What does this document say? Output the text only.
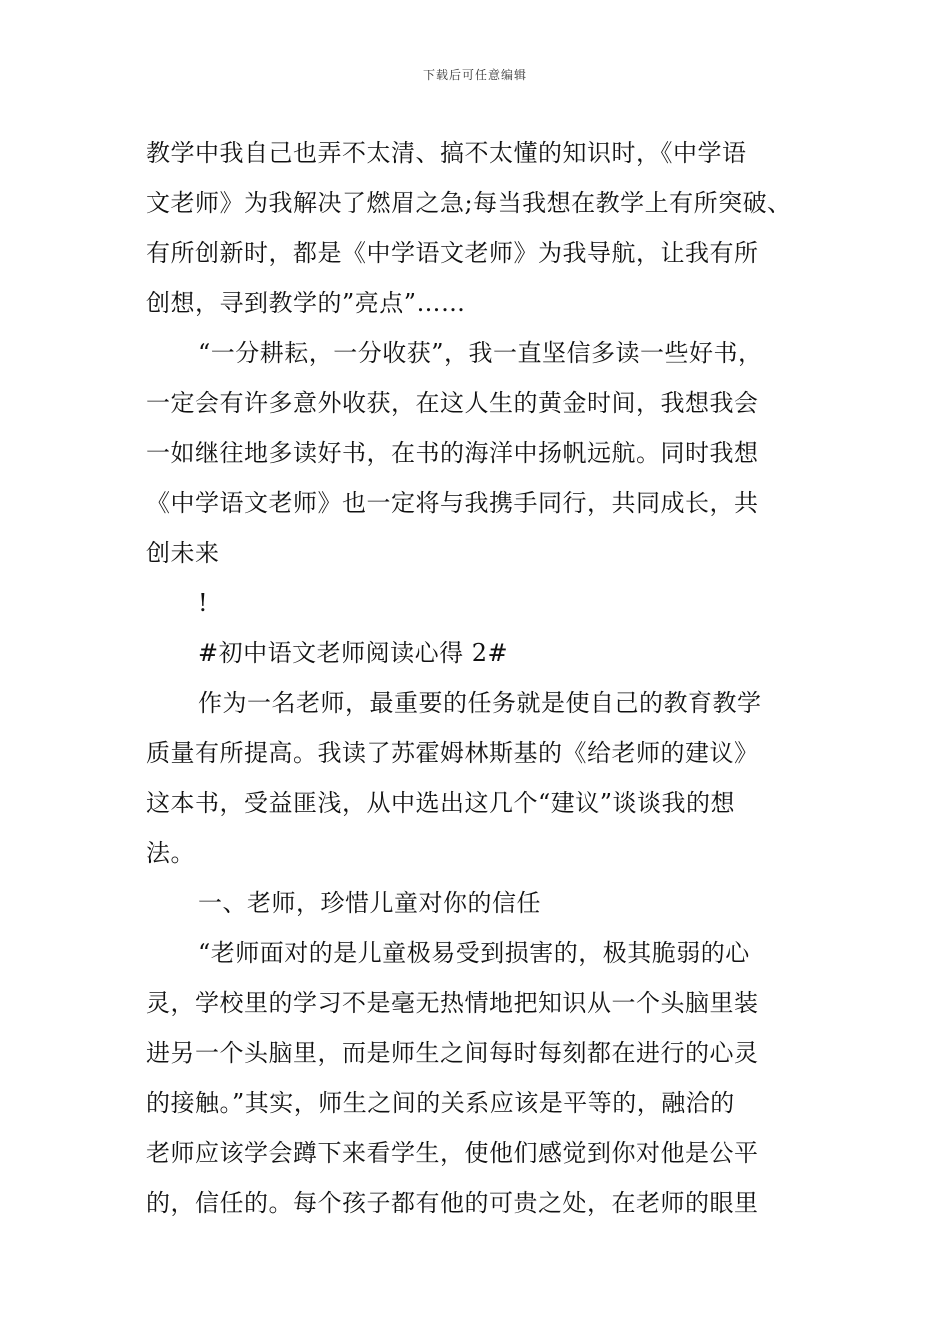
下载后可任意编辑
教学中我自己也弄不太清、搞不太懂的知识时，《中学语
文老师》为我解决了燃眉之急;每当我想在教学上有所突破、
有所创新时，都是《中学语文老师》为我导航，让我有所
创想，寻到教学的”亮点”……
“一分耕耘，一分收获”，我一直坚信多读一些好书，
一定会有许多意外收获，在这人生的黄金时间，我想我会
一如继往地多读好书，在书的海洋中扬帆远航。同时我想
《中学语文老师》也一定将与我携手同行，共同成长，共
创未来
!
#初中语文老师阅读心得 2#
作为一名老师，最重要的任务就是使自己的教育教学
质量有所提高。我读了苏霍姆林斯基的《给老师的建议》
这本书，受益匪浅，从中选出这几个“建议”谈谈我的想
法。
一、老师，珍惜儿童对你的信任
“老师面对的是儿童极易受到损害的，极其脆弱的心
灵，学校里的学习不是毫无热情地把知识从一个头脑里装
进另一个头脑里，而是师生之间每时每刻都在进行的心灵
的接触。”其实，师生之间的关系应该是平等的，融洽的
老师应该学会蹲下来看学生，使他们感觉到你对他是公平
的，信任的。每个孩子都有他的可贵之处，在老师的眼里
